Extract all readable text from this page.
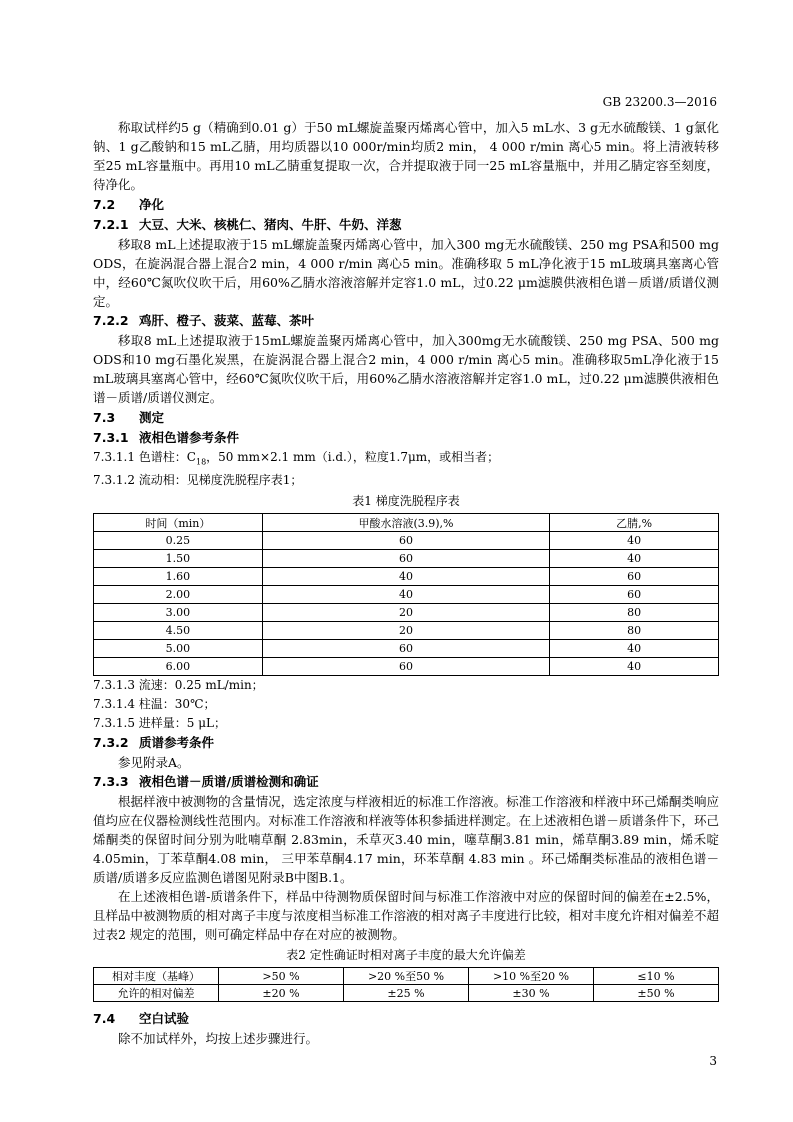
GB 23200.3—2016

称取试样约5 g（精确到0.01 g）于50 mL螺旋盖聚丙烯离心管中，加入5 mL水、3 g无水硫酸镁、1 g氯化钠、1 g乙酸钠和15 mL乙腈，用均质器以10 000r/min均质2 min， 4 000 r/min 离心5 min。将上清液转移至25 mL容量瓶中。再用10 mL乙腈重复提取一次，合并提取液于同一25 mL容量瓶中，并用乙腈定容至刻度，待净化。

7.2 净化
7.2.1 大豆、大米、核桃仁、猪肉、牛肝、牛奶、洋葱

移取8 mL上述提取液于15 mL螺旋盖聚丙烯离心管中，加入300 mg无水硫酸镁、250 mg PSA和500 mg ODS，在旋涡混合器上混合2 min，4 000 r/min 离心5 min。准确移取 5 mL净化液于15 mL玻璃具塞离心管中，经60℃氮吹仪吹干后，用60%乙腈水溶液溶解并定容1.0 mL，过0.22 μm滤膜供液相色谱－质谱/质谱仪测定。

7.2.2 鸡肝、橙子、菠菜、蓝莓、茶叶

移取8 mL上述提取液于15mL螺旋盖聚丙烯离心管中，加入300mg无水硫酸镁、250 mg PSA、500 mg ODS和10 mg石墨化炭黑，在旋涡混合器上混合2 min，4 000 r/min 离心5 min。准确移取5mL净化液于15 mL玻璃具塞离心管中，经60℃氮吹仪吹干后，用60%乙腈水溶液溶解并定容1.0 mL，过0.22 μm滤膜供液相色谱－质谱/质谱仪测定。

7.3 测定
7.3.1 液相色谱参考条件

7.3.1.1 色谱柱：$C_{18}$，50 mm×2.1 mm（i.d.），粒度1.7μm，或相当者；

7.3.1.2 流动相：见梯度洗脱程序表1；

表1 梯度洗脱程序表
时间（min）	甲酸水溶液(3.9),%	乙腈,%
0.25	60	40
1.50	60	40
1.60	40	60
2.00	40	60
3.00	20	80
4.50	20	80
5.00	60	40
6.00	60	40

7.3.1.3 流速：0.25 mL/min；

7.3.1.4 柱温：30℃；

7.3.1.5 进样量：5 μL；

7.3.2 质谱参考条件

参见附录A。

7.3.3 液相色谱－质谱/质谱检测和确证

根据样液中被测物的含量情况，选定浓度与样液相近的标准工作溶液。标准工作溶液和样液中环己烯酮类响应值均应在仪器检测线性范围内。对标准工作溶液和样液等体积参插进样测定。在上述液相色谱－质谱条件下，环己烯酮类的保留时间分别为吡喃草酮 2.83min，禾草灭3.40 min，噻草酮3.81 min，烯草酮3.89 min，烯禾啶4.05min，丁苯草酮4.08 min， 三甲苯草酮4.17 min，环苯草酮 4.83 min 。环己烯酮类标准品的液相色谱－质谱/质谱多反应监测色谱图见附录B中图B.1。

在上述液相色谱-质谱条件下，样品中待测物质保留时间与标准工作溶液中对应的保留时间的偏差在±2.5%，且样品中被测物质的相对离子丰度与浓度相当标准工作溶液的相对离子丰度进行比较，相对丰度允许相对偏差不超过表2 规定的范围，则可确定样品中存在对应的被测物。

表2 定性确证时相对离子丰度的最大允许偏差
相对丰度（基峰）	>50 %	>20 %至50 %	>10 %至20 %	≤10 %
允许的相对偏差	±20 %	±25 %	±30 %	±50 %
7.4 空白试验

除不加试样外，均按上述步骤进行。

3
